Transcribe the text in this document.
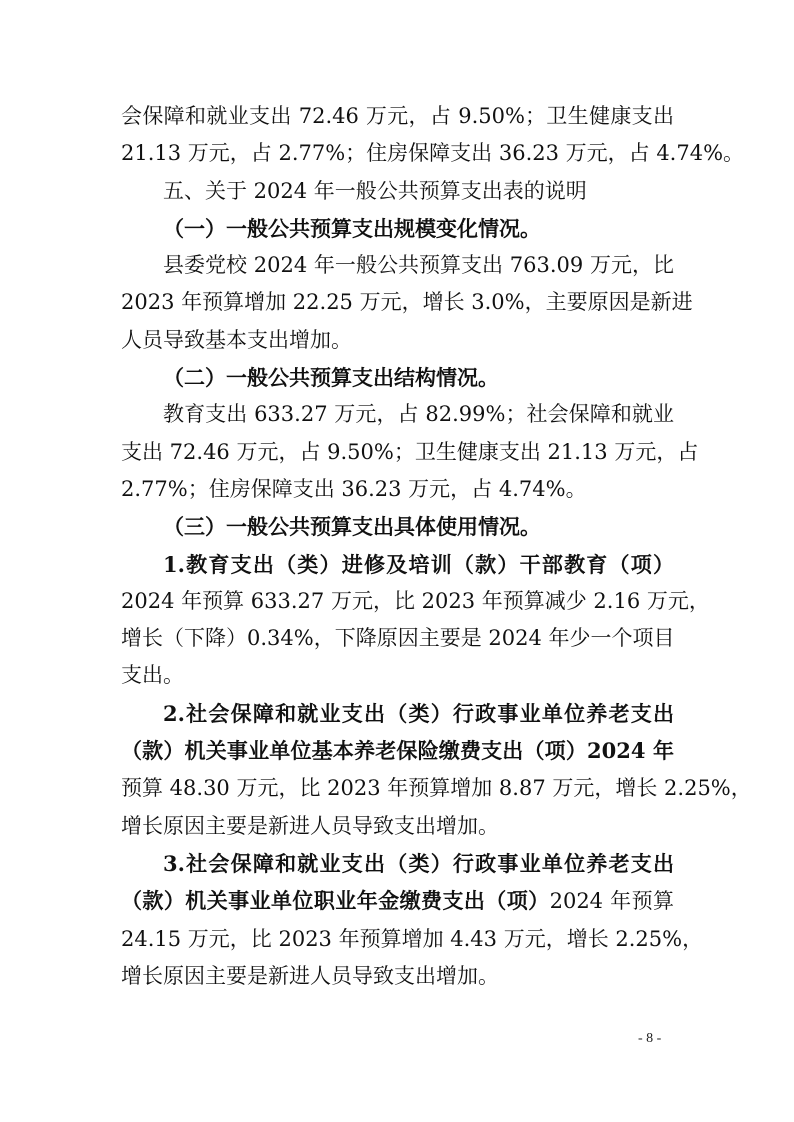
会保障和就业支出 72.46 万元，占 9.50%；卫生健康支出
21.13 万元，占 2.77%；住房保障支出 36.23 万元，占 4.74%。
五、关于 2024 年一般公共预算支出表的说明
（一）一般公共预算支出规模变化情况。
县委党校 2024 年一般公共预算支出 763.09 万元，比
2023 年预算增加 22.25 万元，增长 3.0%，主要原因是新进
人员导致基本支出增加。
（二）一般公共预算支出结构情况。
教育支出 633.27 万元，占 82.99%；社会保障和就业
支出 72.46 万元，占 9.50%；卫生健康支出 21.13 万元，占
2.77%；住房保障支出 36.23 万元，占 4.74%。
（三）一般公共预算支出具体使用情况。
1.教育支出（类）进修及培训（款）干部教育（项）
2024 年预算 633.27 万元，比 2023 年预算减少 2.16 万元，
增长（下降）0.34%，下降原因主要是 2024 年少一个项目
支出。
2.社会保障和就业支出（类）行政事业单位养老支出
（款）机关事业单位基本养老保险缴费支出（项）2024 年
预算 48.30 万元，比 2023 年预算增加 8.87 万元，增长 2.25%，
增长原因主要是新进人员导致支出增加。
3.社会保障和就业支出（类）行政事业单位养老支出
（款）机关事业单位职业年金缴费支出（项）2024 年预算
24.15 万元，比 2023 年预算增加 4.43 万元，增长 2.25%，
增长原因主要是新进人员导致支出增加。
- 8 -
